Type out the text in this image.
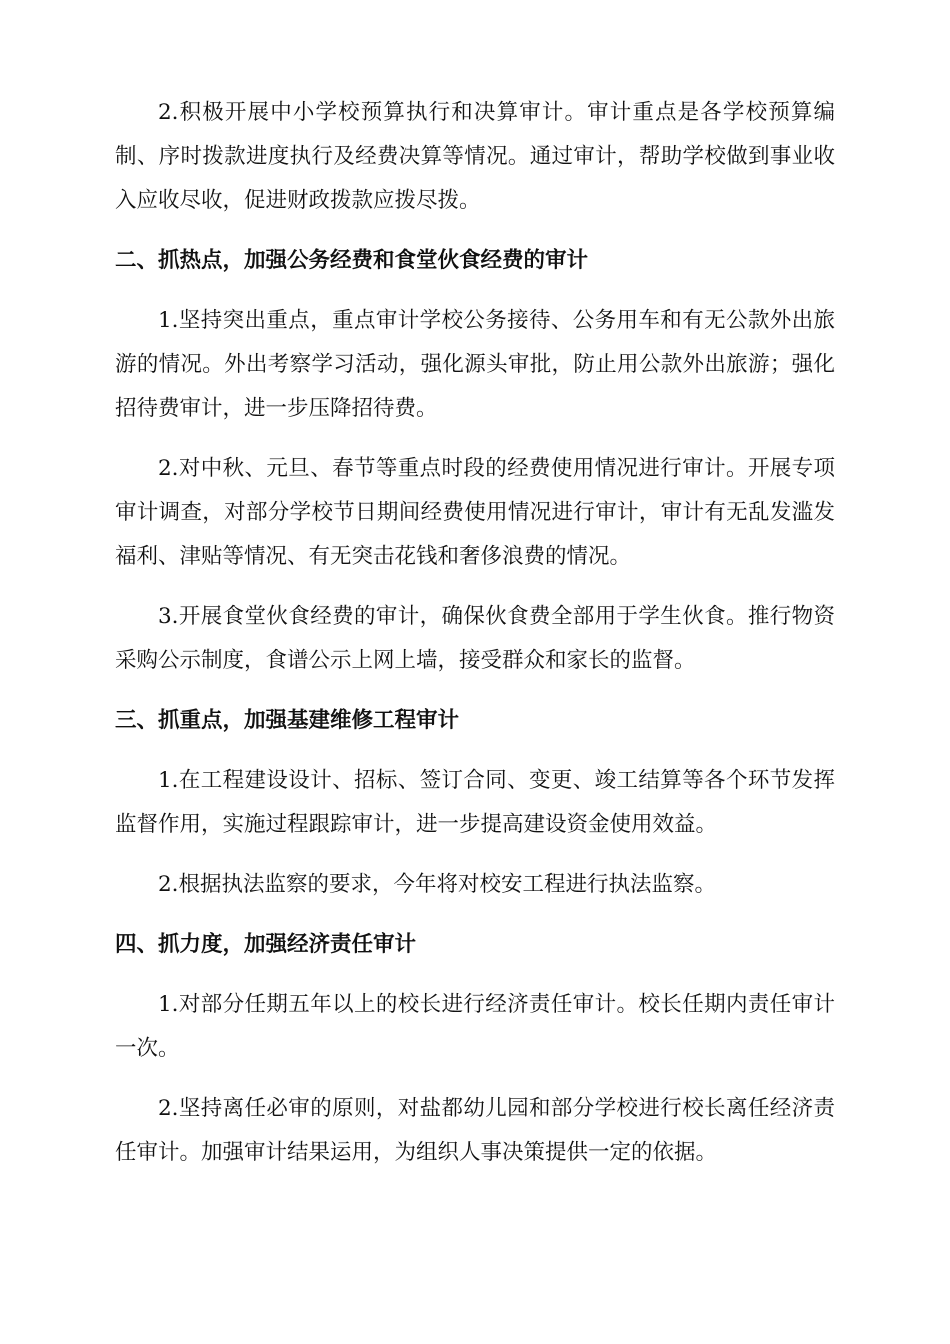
2.积极开展中小学校预算执行和决算审计。审计重点是各学校预算编制、序时拨款进度执行及经费决算等情况。通过审计，帮助学校做到事业收入应收尽收，促进财政拨款应拨尽拨。

二、抓热点，加强公务经费和食堂伙食经费的审计

1.坚持突出重点，重点审计学校公务接待、公务用车和有无公款外出旅游的情况。外出考察学习活动，强化源头审批，防止用公款外出旅游；强化招待费审计，进一步压降招待费。

2.对中秋、元旦、春节等重点时段的经费使用情况进行审计。开展专项审计调查，对部分学校节日期间经费使用情况进行审计，审计有无乱发滥发福利、津贴等情况、有无突击花钱和奢侈浪费的情况。

3.开展食堂伙食经费的审计，确保伙食费全部用于学生伙食。推行物资采购公示制度，食谱公示上网上墙，接受群众和家长的监督。

三、抓重点，加强基建维修工程审计

1.在工程建设设计、招标、签订合同、变更、竣工结算等各个环节发挥监督作用，实施过程跟踪审计，进一步提高建设资金使用效益。

2.根据执法监察的要求，今年将对校安工程进行执法监察。

四、抓力度，加强经济责任审计

1.对部分任期五年以上的校长进行经济责任审计。校长任期内责任审计一次。

2.坚持离任必审的原则，对盐都幼儿园和部分学校进行校长离任经济责任审计。加强审计结果运用，为组织人事决策提供一定的依据。
